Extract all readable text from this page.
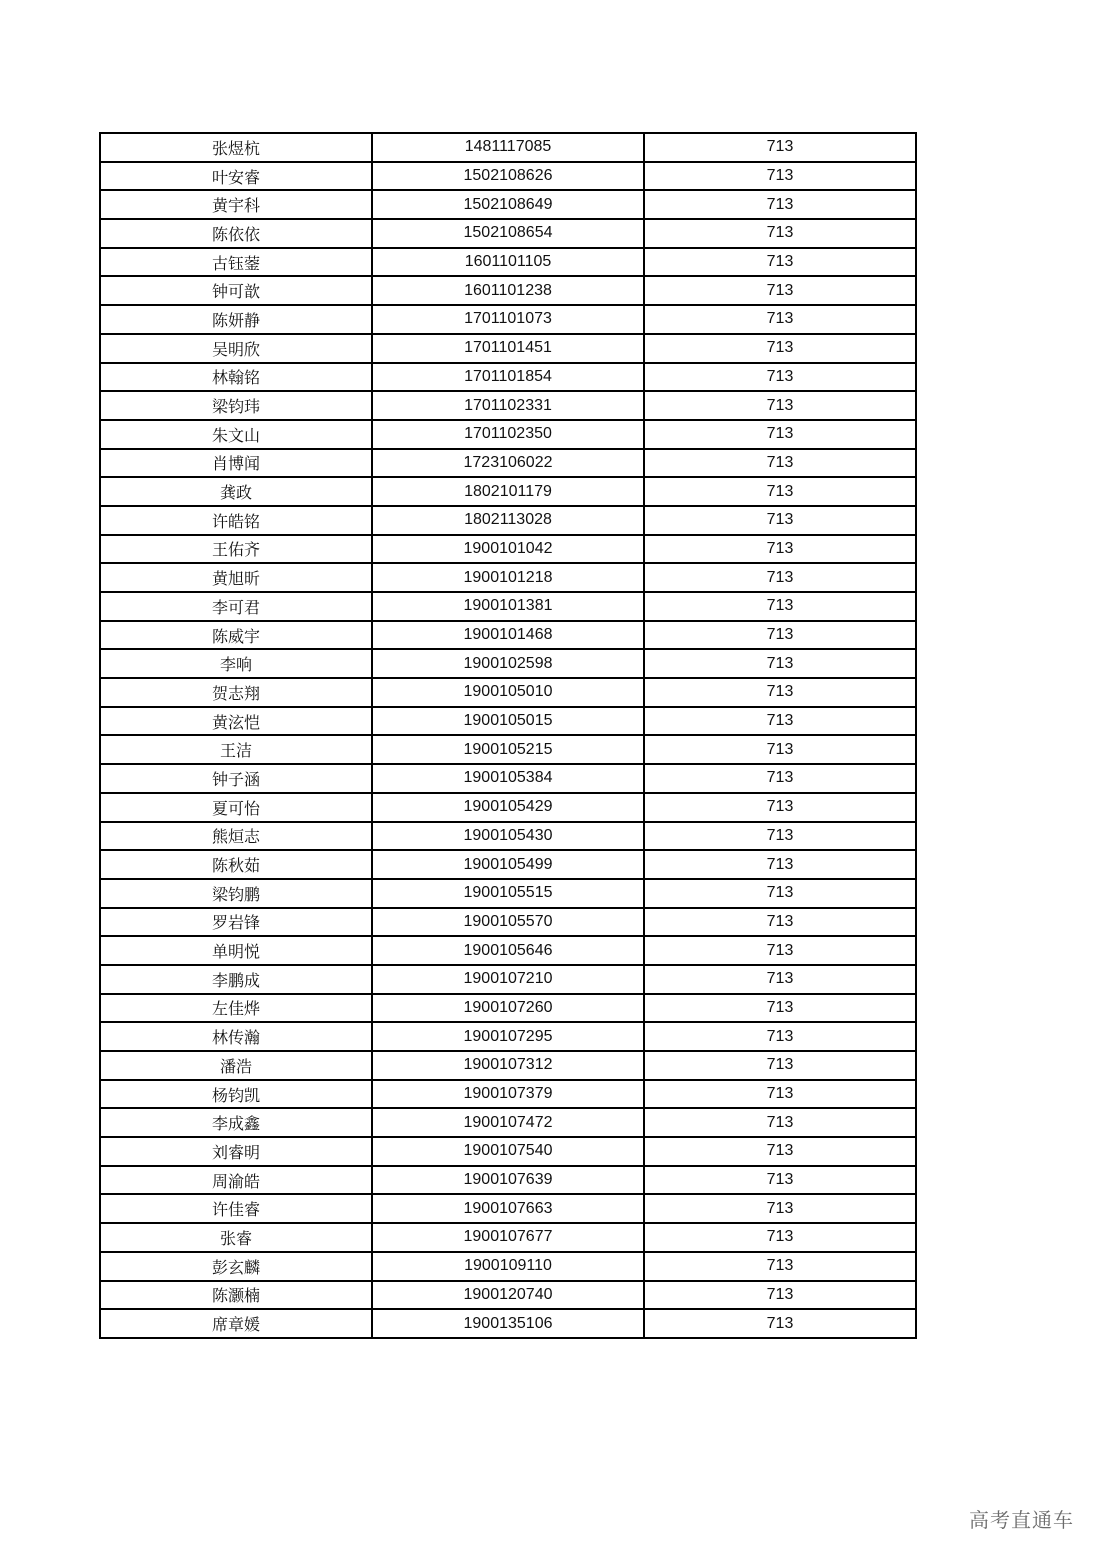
张煜杭	1481117085	713
叶安睿	1502108626	713
黄宇科	1502108649	713
陈依依	1502108654	713
古钰蓥	1601101105	713
钟可歆	1601101238	713
陈妍静	1701101073	713
吴明欣	1701101451	713
林翰铭	1701101854	713
梁钧玮	1701102331	713
朱文山	1701102350	713
肖博闻	1723106022	713
龚政	1802101179	713
许皓铭	1802113028	713
王佑齐	1900101042	713
黄旭昕	1900101218	713
李可君	1900101381	713
陈威宇	1900101468	713
李响	1900102598	713
贺志翔	1900105010	713
黄泫恺	1900105015	713
王洁	1900105215	713
钟子涵	1900105384	713
夏可怡	1900105429	713
熊烜志	1900105430	713
陈秋茹	1900105499	713
梁钧鹏	1900105515	713
罗岩锋	1900105570	713
单明悦	1900105646	713
李鹏成	1900107210	713
左佳烨	1900107260	713
林传瀚	1900107295	713
潘浩	1900107312	713
杨钧凯	1900107379	713
李成鑫	1900107472	713
刘睿明	1900107540	713
周渝皓	1900107639	713
许佳睿	1900107663	713
张睿	1900107677	713
彭玄麟	1900109110	713
陈灏楠	1900120740	713
席章媛	1900135106	713
高考直通车
